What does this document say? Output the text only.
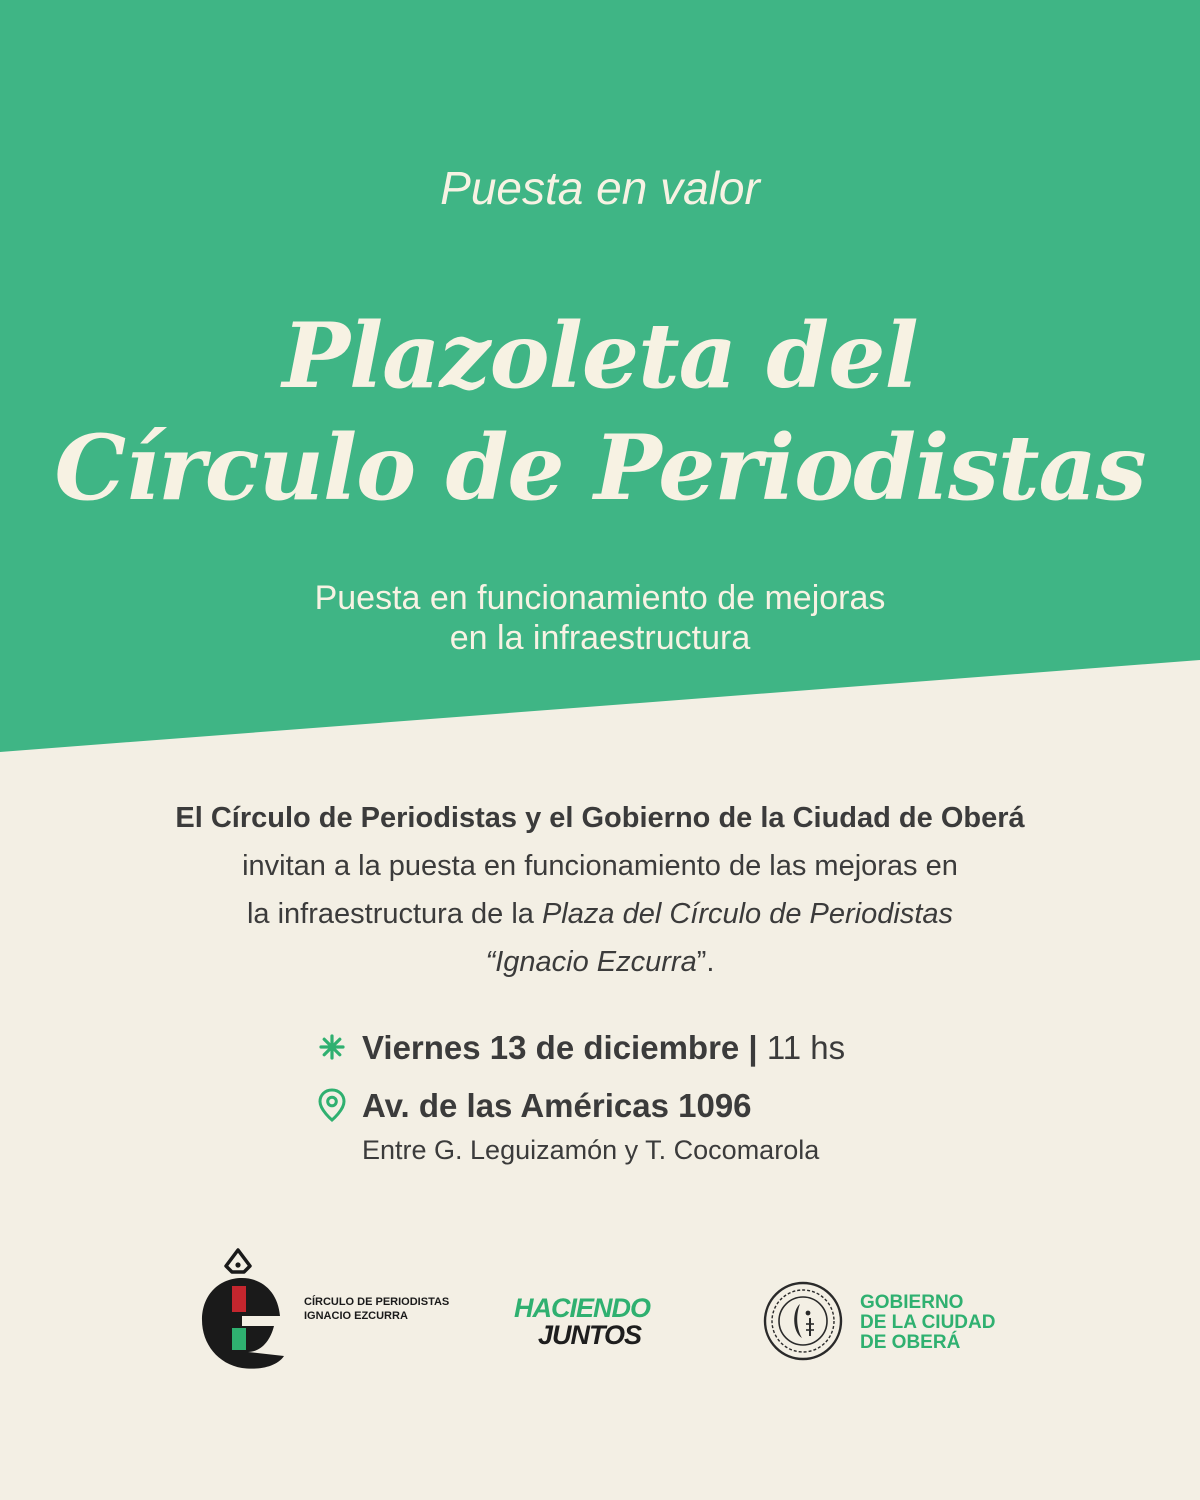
Puesta en valor
Plazoleta del
Círculo de Periodistas
Puesta en funcionamiento de mejoras
en la infraestructura
El Círculo de Periodistas y el Gobierno de la Ciudad de Oberá
invitan a la puesta en funcionamiento de las mejoras en
la infraestructura de la Plaza del Círculo de Periodistas
“Ignacio Ezcurra”.
Viernes 13 de diciembre | 11 hs
Av. de las Américas 1096
Entre G. Leguizamón y T. Cocomarola
CÍRCULO DE PERIODISTAS
IGNACIO EZCURRA	HACIENDO
JUNTOS
GOBIERNO
DE LA CIUDAD
DE OBERÁ
